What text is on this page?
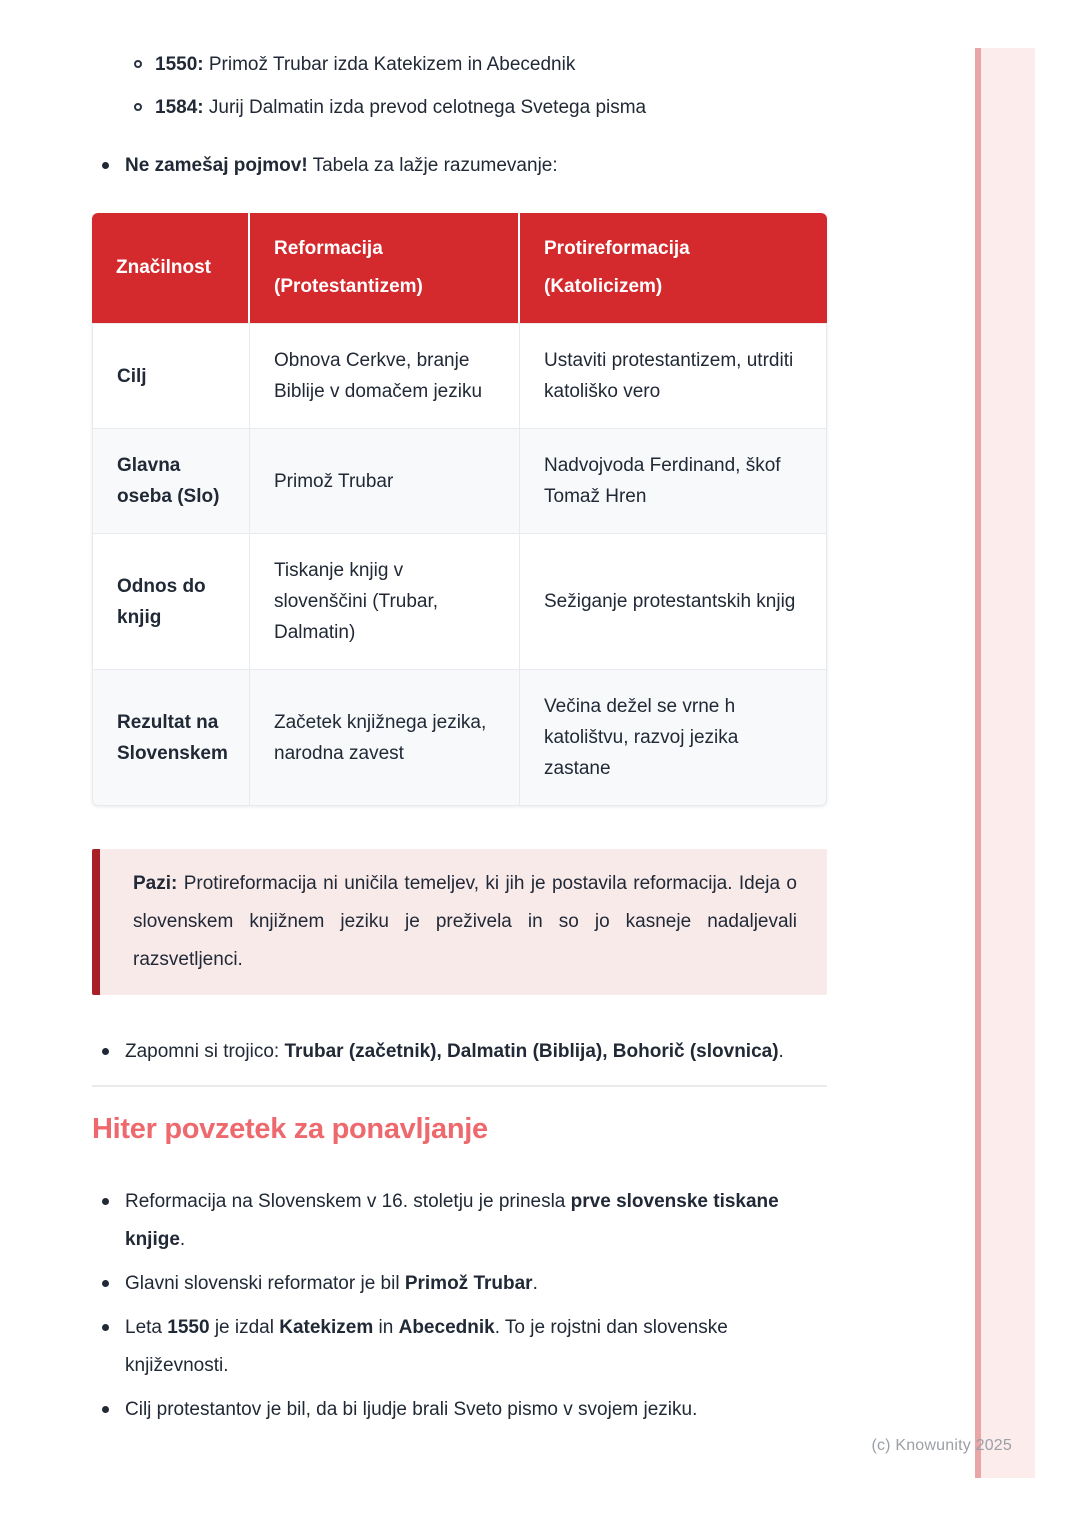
1550: Primož Trubar izda Katekizem in Abecednik
1584: Jurij Dalmatin izda prevod celotnega Svetega pisma
Ne zamešaj pojmov! Tabela za lažje razumevanje:
Značilnost	Reformacija (Protestantizem)	Protireformacija (Katolicizem)
Cilj	Obnova Cerkve, branje Biblije v domačem jeziku	Ustaviti protestantizem, utrditi katoliško vero
Glavna oseba (Slo)	Primož Trubar	Nadvojvoda Ferdinand, škof Tomaž Hren
Odnos do knjig	Tiskanje knjig v slovenščini (Trubar, Dalmatin)	Sežiganje protestantskih knjig
Rezultat na Slovenskem	Začetek knjižnega jezika, narodna zavest	Večina dežel se vrne h katolištvu, razvoj jezika zastane
Pazi: Protireformacija ni uničila temeljev, ki jih je postavila reformacija. Ideja o slovenskem knjižnem jeziku je preživela in so jo kasneje nadaljevali razsvetljenci.
Zapomni si trojico: Trubar (začetnik), Dalmatin (Biblija), Bohorič (slovnica).
Hiter povzetek za ponavljanje
Reformacija na Slovenskem v 16. stoletju je prinesla prve slovenske tiskane knjige.
Glavni slovenski reformator je bil Primož Trubar.
Leta 1550 je izdal Katekizem in Abecednik. To je rojstni dan slovenske književnosti.
Cilj protestantov je bil, da bi ljudje brali Sveto pismo v svojem jeziku.
(c) Knowunity 2025
